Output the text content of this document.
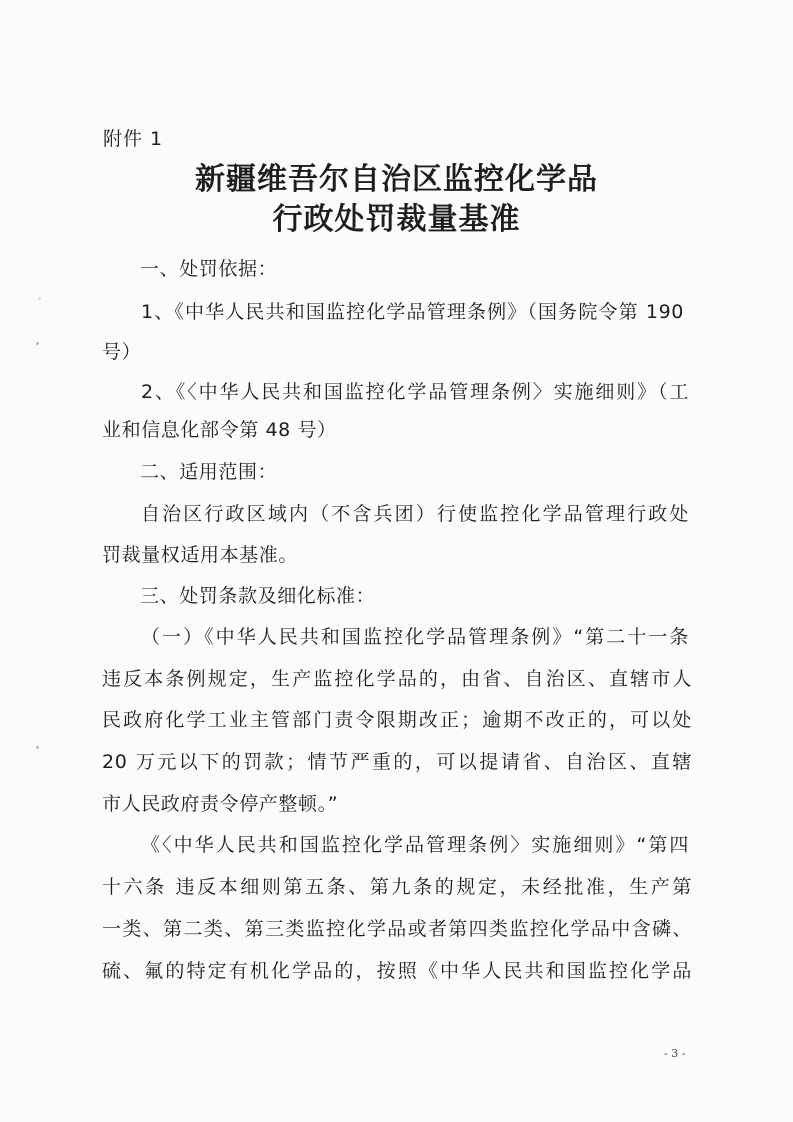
附件 1
新疆维吾尔自治区监控化学品
行政处罚裁量基准
一、处罚依据：
1、《中华人民共和国监控化学品管理条例》（国务院令第 190
号）
2、《〈中华人民共和国监控化学品管理条例〉实施细则》（工
业和信息化部令第 48 号）
二、适用范围：
自治区行政区域内（不含兵团）行使监控化学品管理行政处
罚裁量权适用本基准。
三、处罚条款及细化标准：
（一）《中华人民共和国监控化学品管理条例》“第二十一条
违反本条例规定，生产监控化学品的，由省、自治区、直辖市人
民政府化学工业主管部门责令限期改正；逾期不改正的，可以处
20 万元以下的罚款；情节严重的，可以提请省、自治区、直辖
市人民政府责令停产整顿。”
《〈中华人民共和国监控化学品管理条例〉实施细则》“第四
十六条 违反本细则第五条、第九条的规定，未经批准，生产第
一类、第二类、第三类监控化学品或者第四类监控化学品中含磷、
硫、氟的特定有机化学品的，按照《中华人民共和国监控化学品
- 3 -
